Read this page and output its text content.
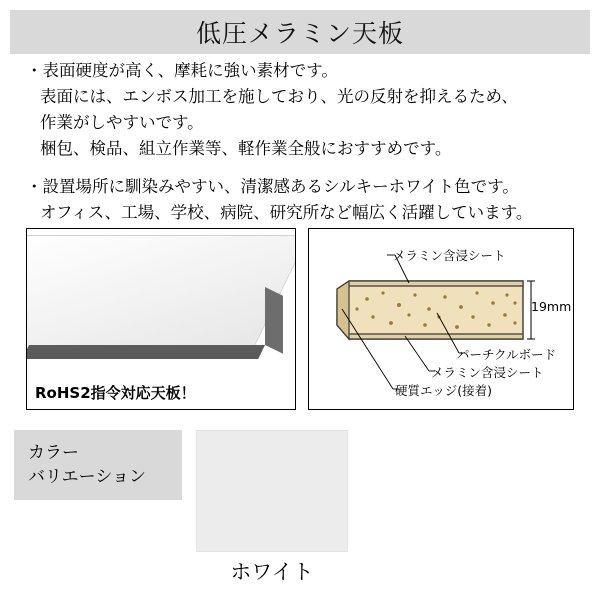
低圧メラミン天板
・表面硬度が高く、摩耗に強い素材です。
表面には、エンボス加工を施しており、光の反射を抑えるため、
作業がしやすいです。
梱包、検品、組立作業等、軽作業全般におすすめです。
・設置場所に馴染みやすい、清潔感あるシルキーホワイト色です。
オフィス、工場、学校、病院、研究所など幅広く活躍しています。
RoHS2指令対応天板！
19mm
メラミン含浸シート
パーチクルボード
メラミン含浸シート
硬質エッジ(接着)
カラー
バリエーション
ホワイト
